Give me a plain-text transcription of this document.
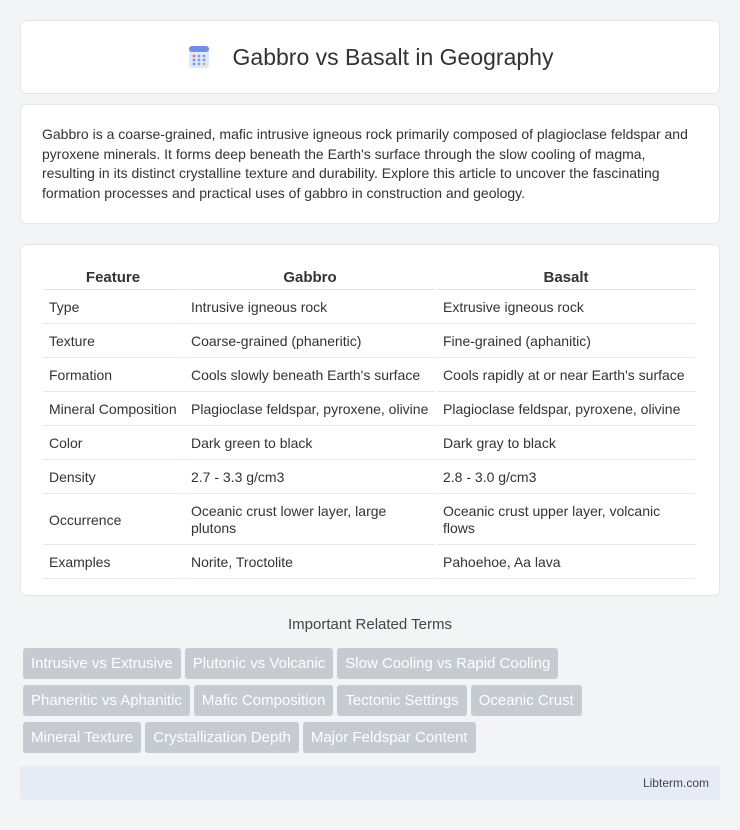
Gabbro vs Basalt in Geography

Gabbro is a coarse-grained, mafic intrusive igneous rock primarily composed of plagioclase feldspar and pyroxene minerals. It forms deep beneath the Earth's surface through the slow cooling of magma, resulting in its distinct crystalline texture and durability. Explore this article to uncover the fascinating formation processes and practical uses of gabbro in construction and geology.

Feature	Gabbro	Basalt
Type	Intrusive igneous rock	Extrusive igneous rock
Texture	Coarse-grained (phaneritic)	Fine-grained (aphanitic)
Formation	Cools slowly beneath Earth's surface	Cools rapidly at or near Earth's surface
Mineral Composition	Plagioclase feldspar, pyroxene, olivine	Plagioclase feldspar, pyroxene, olivine
Color	Dark green to black	Dark gray to black
Density	2.7 - 3.3 g/cm3	2.8 - 3.0 g/cm3
Occurrence	Oceanic crust lower layer, large plutons	Oceanic crust upper layer, volcanic flows
Examples	Norite, Troctolite	Pahoehoe, Aa lava
Important Related Terms
Intrusive vs Extrusive Plutonic vs Volcanic Slow Cooling vs Rapid Cooling
Phaneritic vs Aphanitic Mafic Composition Tectonic Settings Oceanic Crust
Mineral Texture Crystallization Depth Major Feldspar Content
Libterm.com
